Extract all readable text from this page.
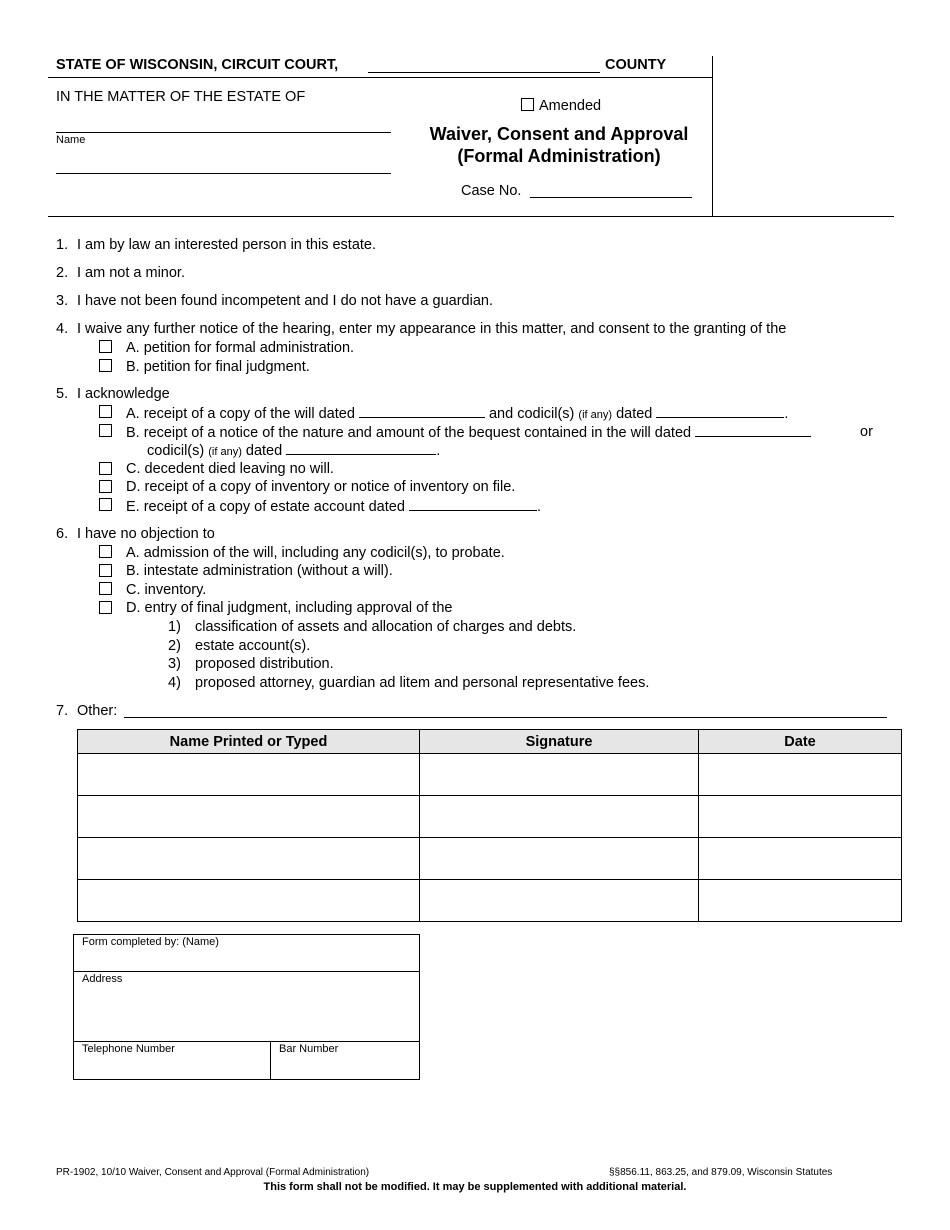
STATE OF WISCONSIN, CIRCUIT COURT,	COUNTY
IN THE MATTER OF THE ESTATE OF
Name
Amended
Waiver, Consent and Approval
(Formal Administration)
Case No.
1. I am by law an interested person in this estate.
2. I am not a minor.
3. I have not been found incompetent and I do not have a guardian.
4. I waive any further notice of the hearing, enter my appearance in this matter, and consent to the granting of the
A. petition for formal administration.
B. petition for final judgment.
5. I acknowledge
A. receipt of a copy of the will dated	and codicil(s) (if any) dated	.
B. receipt of a notice of the nature and amount of the bequest contained in the will dated	or
codicil(s) (if any) dated	.
C. decedent died leaving no will.
D. receipt of a copy of inventory or notice of inventory on file.
E. receipt of a copy of estate account dated	.
6. I have no objection to
A. admission of the will, including any codicil(s), to probate.
B. intestate administration (without a will).
C. inventory.
D. entry of final judgment, including approval of the
1) classification of assets and allocation of charges and debts.
2) estate account(s).
3) proposed distribution.
4) proposed attorney, guardian ad litem and personal representative fees.
7. Other:
Name Printed or Typed	Signature	Date

Form completed by: (Name)
Address
Telephone Number	Bar Number
PR-1902, 10/10 Waiver, Consent and Approval (Formal Administration)	§§856.11, 863.25, and 879.09, Wisconsin Statutes
This form shall not be modified. It may be supplemented with additional material.
